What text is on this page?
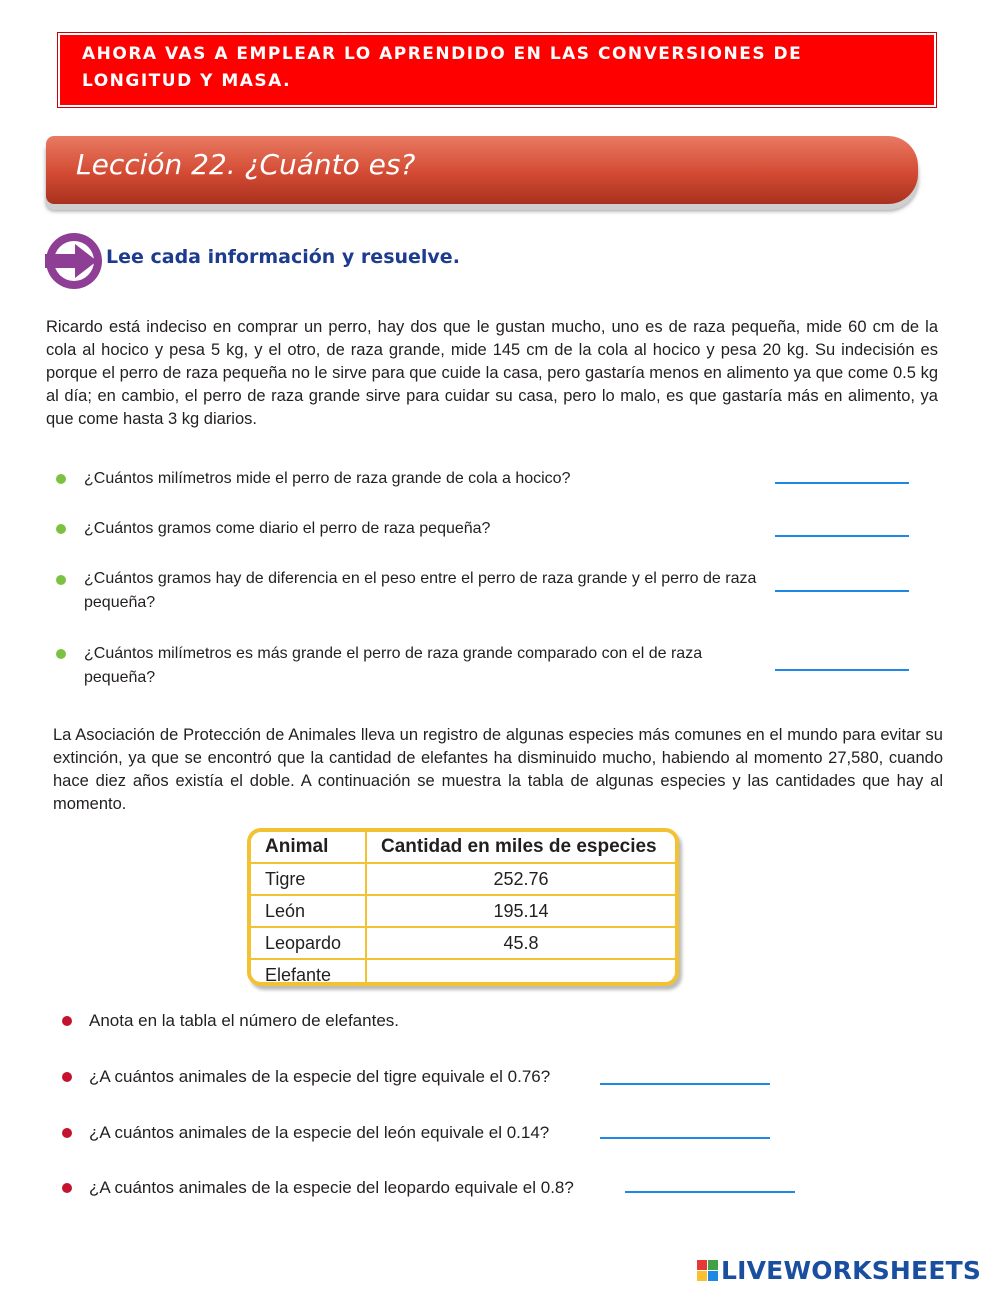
AHORA VAS A EMPLEAR LO APRENDIDO EN LAS CONVERSIONES DE LONGITUD Y MASA.
Lección 22. ¿Cuánto es?
Lee cada información y resuelve.
Ricardo está indeciso en comprar un perro, hay dos que le gustan mucho, uno es de raza pequeña, mide 60 cm de la cola al hocico y pesa 5 kg, y el otro, de raza grande, mide 145 cm de la cola al hocico y pesa 20 kg. Su indecisión es porque el perro de raza pequeña no le sirve para que cuide la casa, pero gastaría menos en alimento ya que come 0.5 kg al día; en cambio, el perro de raza grande sirve para cuidar su casa, pero lo malo, es que gastaría más en alimento, ya que come hasta 3 kg diarios.
¿Cuántos milímetros mide el perro de raza grande de cola a hocico?
¿Cuántos gramos come diario el perro de raza pequeña?
¿Cuántos gramos hay de diferencia en el peso entre el perro de raza grande y el perro de raza pequeña?
¿Cuántos milímetros es más grande el perro de raza grande comparado con el de raza pequeña?
La Asociación de Protección de Animales lleva un registro de algunas especies más comunes en el mundo para evitar su extinción, ya que se encontró que la cantidad de elefantes ha disminuido mucho, habiendo al momento 27,580, cuando hace diez años existía el doble. A continuación se muestra la tabla de algunas especies y las cantidades que hay al momento.
Animal	Cantidad en miles de especies
Tigre	252.76
León	195.14
Leopardo	45.8
Elefante	
Anota en la tabla el número de elefantes.
¿A cuántos animales de la especie del tigre equivale el 0.76?
¿A cuántos animales de la especie del león equivale el 0.14?
¿A cuántos animales de la especie del leopardo equivale el 0.8?
LIVEWORKSHEETS
